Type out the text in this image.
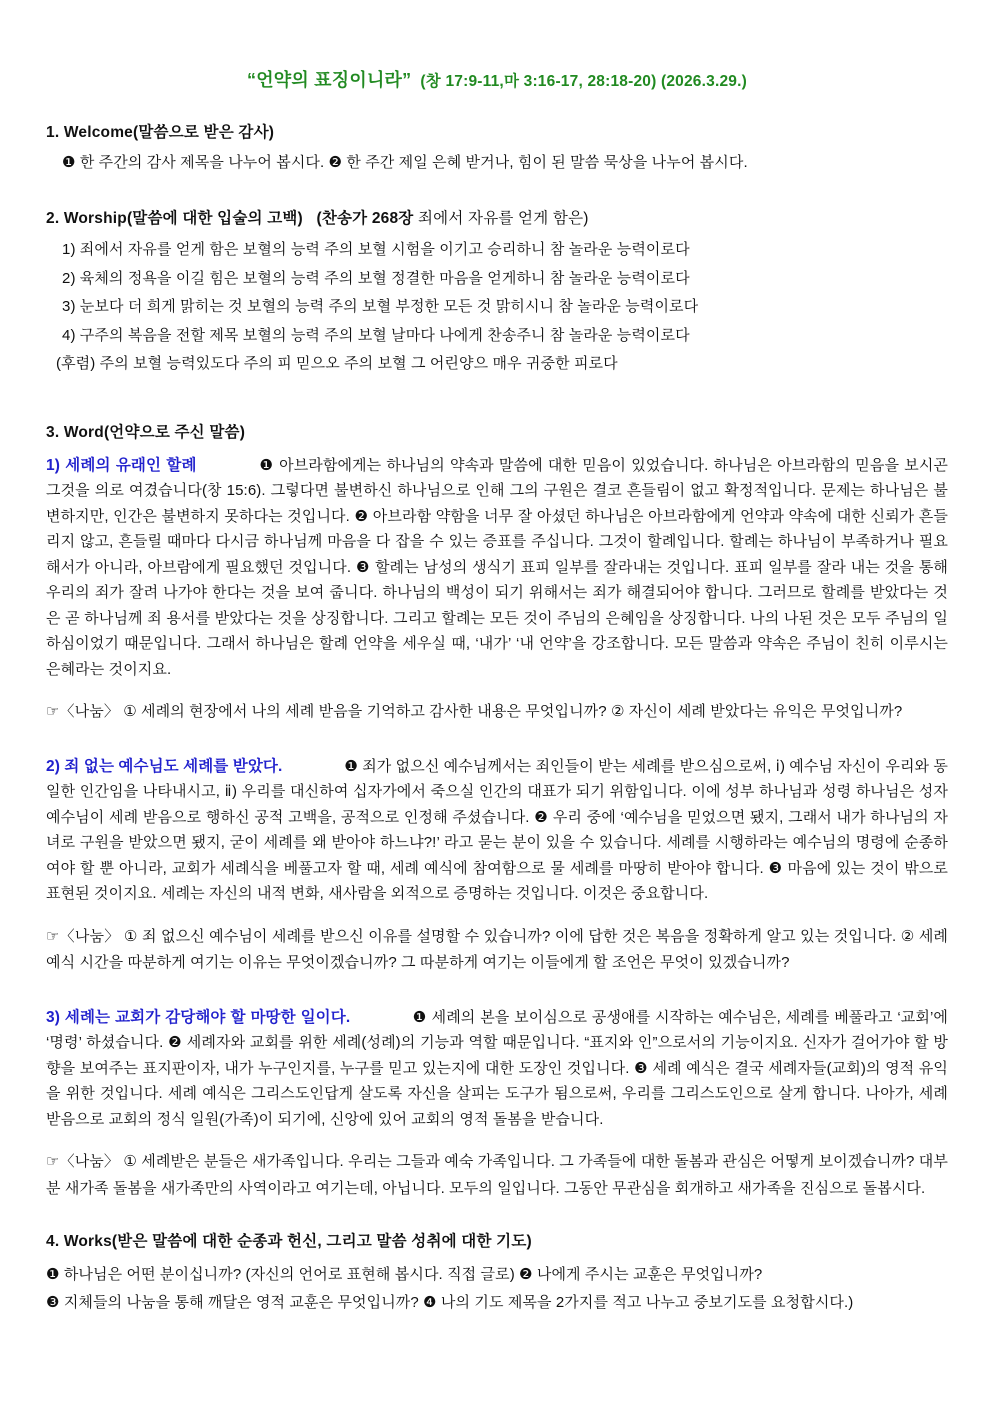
“언약의 표징이니라” (창 17:9-11,마 3:16-17, 28:18-20) (2026.3.29.)
1. Welcome(말씀으로 받은 감사)
❶ 한 주간의 감사 제목을 나누어 봅시다. ❷ 한 주간 제일 은혜 받거나, 힘이 된 말씀 묵상을 나누어 봅시다.
2. Worship(말씀에 대한 입술의 고백) (찬송가 268장 죄에서 자유를 얻게 함은)
1) 죄에서 자유를 얻게 함은 보혈의 능력 주의 보혈 시험을 이기고 승리하니 참 놀라운 능력이로다
2) 육체의 정욕을 이길 힘은 보혈의 능력 주의 보혈 정결한 마음을 얻게하니 참 놀라운 능력이로다
3) 눈보다 더 희게 맑히는 것 보혈의 능력 주의 보혈 부정한 모든 것 맑히시니 참 놀라운 능력이로다
4) 구주의 복음을 전할 제목 보혈의 능력 주의 보혈 날마다 나에게 찬송주니 참 놀라운 능력이로다
(후렴) 주의 보혈 능력있도다 주의 피 믿으오 주의 보혈 그 어린양으 매우 귀중한 피로다
3. Word(언약으로 주신 말씀)

1) 세례의 유래인 할례	❶ 아브라함에게는 하나님의 약속과 말씀에 대한 믿음이 있었습니다. 하나님은 아브라함의 믿음을 보시곤 그것을 의로 여겼습니다(창 15:6). 그렇다면 불변하신 하나님으로 인해 그의 구원은 결코 흔들림이 없고 확정적입니다. 문제는 하나님은 불변하지만, 인간은 불변하지 못하다는 것입니다. ❷ 아브라함 약함을 너무 잘 아셨던 하나님은 아브라함에게 언약과 약속에 대한 신뢰가 흔들리지 않고, 흔들릴 때마다 다시금 하나님께 마음을 다 잡을 수 있는 증표를 주십니다. 그것이 할례입니다. 할례는 하나님이 부족하거나 필요해서가 아니라, 아브람에게 필요했던 것입니다. ❸ 할례는 남성의 생식기 표피 일부를 잘라내는 것입니다. 표피 일부를 잘라 내는 것을 통해 우리의 죄가 잘려 나가야 한다는 것을 보여 줍니다. 하나님의 백성이 되기 위해서는 죄가 해결되어야 합니다. 그러므로 할례를 받았다는 것은 곧 하나님께 죄 용서를 받았다는 것을 상징합니다. 그리고 할례는 모든 것이 주님의 은혜임을 상징합니다. 나의 나된 것은 모두 주님의 일하심이었기 때문입니다. 그래서 하나님은 할례 언약을 세우실 때, ‘내가’ ‘내 언약’을 강조합니다. 모든 말씀과 약속은 주님이 친히 이루시는 은혜라는 것이지요.

☞〈나눔〉 ① 세례의 현장에서 나의 세례 받음을 기억하고 감사한 내용은 무엇입니까? ② 자신이 세례 받았다는 유익은 무엇입니까?

2) 죄 없는 예수님도 세례를 받았다.	❶ 죄가 없으신 예수님께서는 죄인들이 받는 세례를 받으심으로써, ⅰ) 예수님 자신이 우리와 동일한 인간임을 나타내시고, ⅱ) 우리를 대신하여 십자가에서 죽으실 인간의 대표가 되기 위함입니다. 이에 성부 하나님과 성령 하나님은 성자 예수님이 세례 받음으로 행하신 공적 고백을, 공적으로 인정해 주셨습니다. ❷ 우리 중에 ‘예수님을 믿었으면 됐지, 그래서 내가 하나님의 자녀로 구원을 받았으면 됐지, 굳이 세례를 왜 받아야 하느냐?!’ 라고 묻는 분이 있을 수 있습니다. 세례를 시행하라는 예수님의 명령에 순종하여야 할 뿐 아니라, 교회가 세례식을 베풀고자 할 때, 세례 예식에 참여함으로 물 세례를 마땅히 받아야 합니다. ❸ 마음에 있는 것이 밖으로 표현된 것이지요. 세례는 자신의 내적 변화, 새사람을 외적으로 증명하는 것입니다. 이것은 중요합니다.

☞〈나눔〉 ① 죄 없으신 예수님이 세례를 받으신 이유를 설명할 수 있습니까? 이에 답한 것은 복음을 정확하게 알고 있는 것입니다. ② 세례 예식 시간을 따분하게 여기는 이유는 무엇이겠습니까? 그 따분하게 여기는 이들에게 할 조언은 무엇이 있겠습니까?

3) 세례는 교회가 감당해야 할 마땅한 일이다.	❶ 세례의 본을 보이심으로 공생애를 시작하는 예수님은, 세례를 베풀라고 ‘교회’에 ‘명령’ 하셨습니다. ❷ 세례자와 교회를 위한 세례(성례)의 기능과 역할 때문입니다. “표지와 인”으로서의 기능이지요. 신자가 걸어가야 할 방향을 보여주는 표지판이자, 내가 누구인지를, 누구를 믿고 있는지에 대한 도장인 것입니다. ❸ 세례 예식은 결국 세례자들(교회)의 영적 유익을 위한 것입니다. 세례 예식은 그리스도인답게 살도록 자신을 살피는 도구가 됨으로써, 우리를 그리스도인으로 살게 합니다. 나아가, 세례 받음으로 교회의 정식 일원(가족)이 되기에, 신앙에 있어 교회의 영적 돌봄을 받습니다.

☞〈나눔〉 ① 세례받은 분들은 새가족입니다. 우리는 그들과 예숙 가족입니다. 그 가족들에 대한 돌봄과 관심은 어떻게 보이겠습니까? 대부분 새가족 돌봄을 새가족만의 사역이라고 여기는데, 아닙니다. 모두의 일입니다. 그동안 무관심을 회개하고 새가족을 진심으로 돌봅시다.

4. Works(받은 말씀에 대한 순종과 헌신, 그리고 말씀 성취에 대한 기도)
❶ 하나님은 어떤 분이십니까? (자신의 언어로 표현해 봅시다. 직접 글로) ❷ 나에게 주시는 교훈은 무엇입니까?
❸ 지체들의 나눔을 통해 깨달은 영적 교훈은 무엇입니까? ❹ 나의 기도 제목을 2가지를 적고 나누고 중보기도를 요청합시다.)
